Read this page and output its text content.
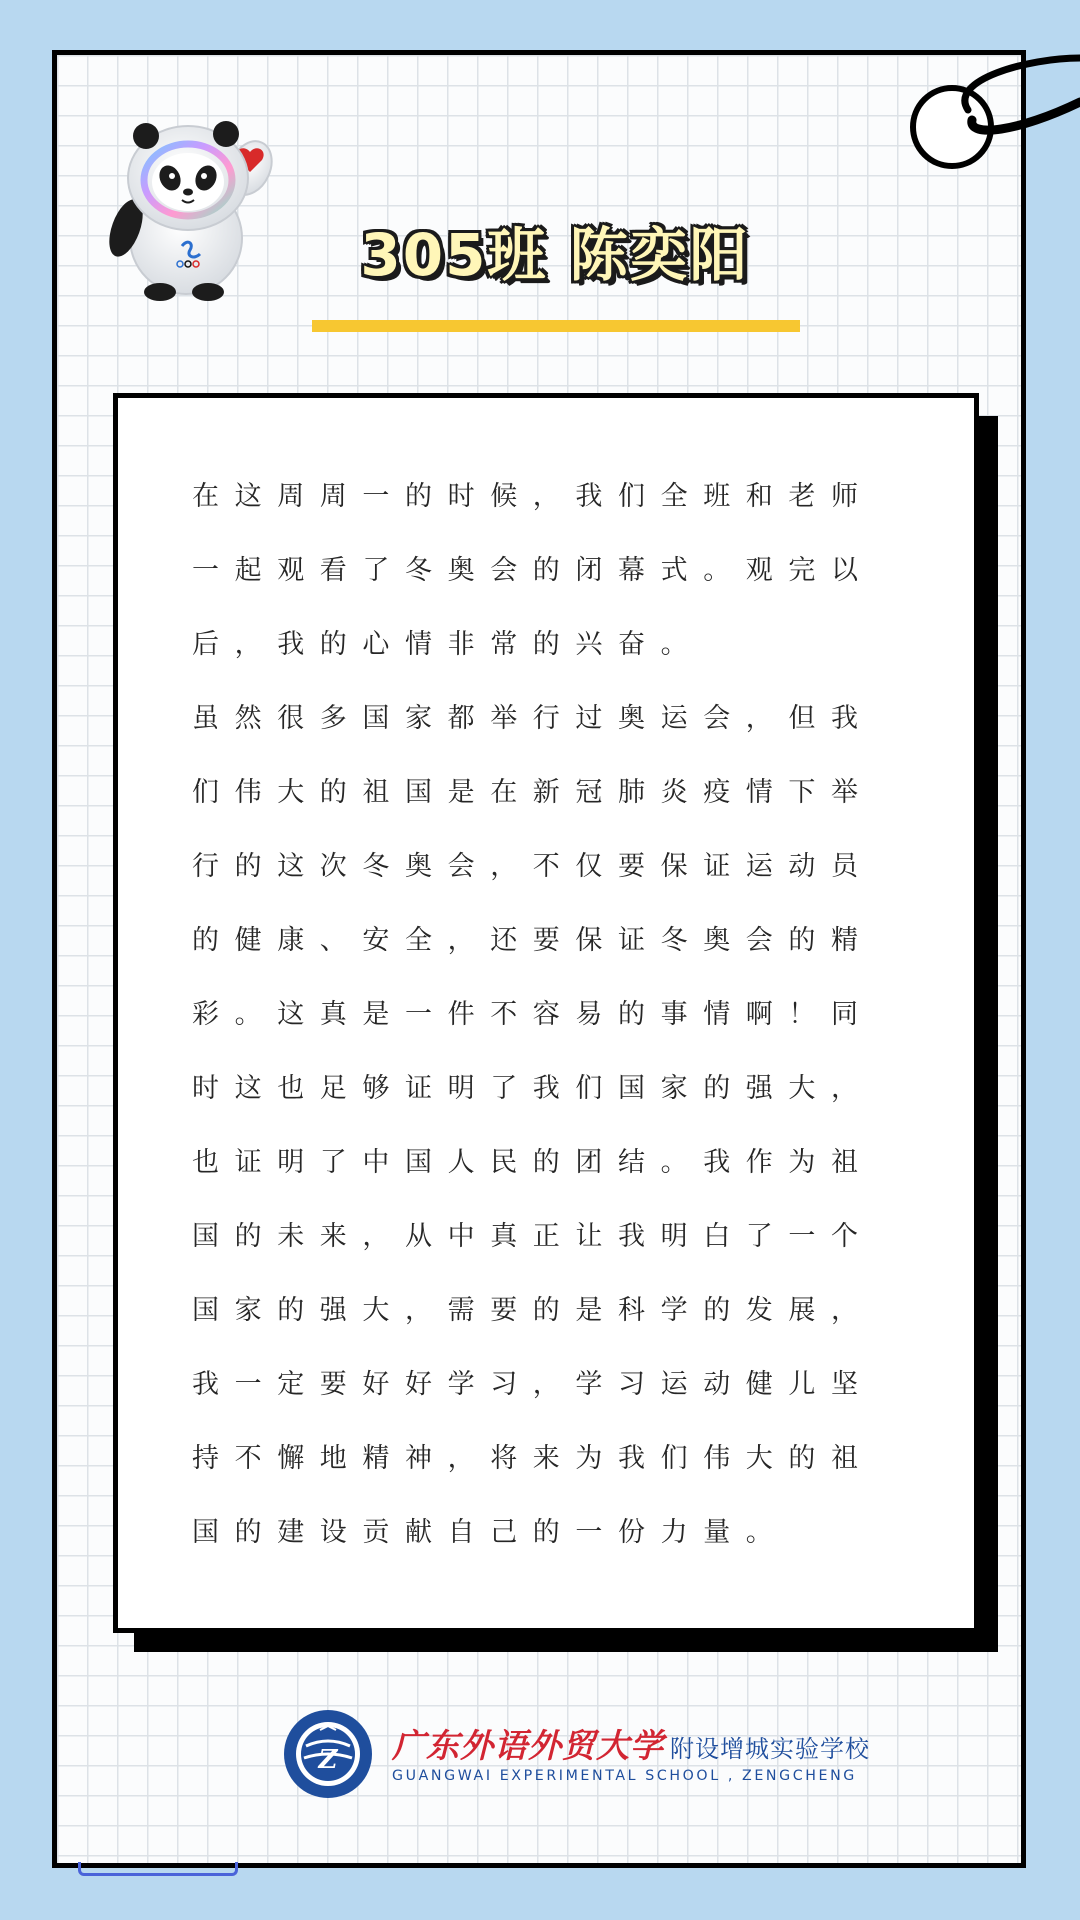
305班 陈奕阳

在这周周一的时候，我们全班和老师一起观看了冬奥会的闭幕式。观完以后，我的心情非常的兴奋。

虽然很多国家都举行过奥运会，但我们伟大的祖国是在新冠肺炎疫情下举行的这次冬奥会，不仅要保证运动员的健康、安全，还要保证冬奥会的精彩。这真是一件不容易的事情啊！同时这也足够证明了我们国家的强大，也证明了中国人民的团结。我作为祖国的未来，从中真正让我明白了一个国家的强大，需要的是科学的发展，我一定要好好学习，学习运动健儿坚持不懈地精神，将来为我们伟大的祖国的建设贡献自己的一份力量。

Z 广东外语外贸大学 附设增城实验学校
GUANGWAI EXPERIMENTAL SCHOOL , ZENGCHENG
